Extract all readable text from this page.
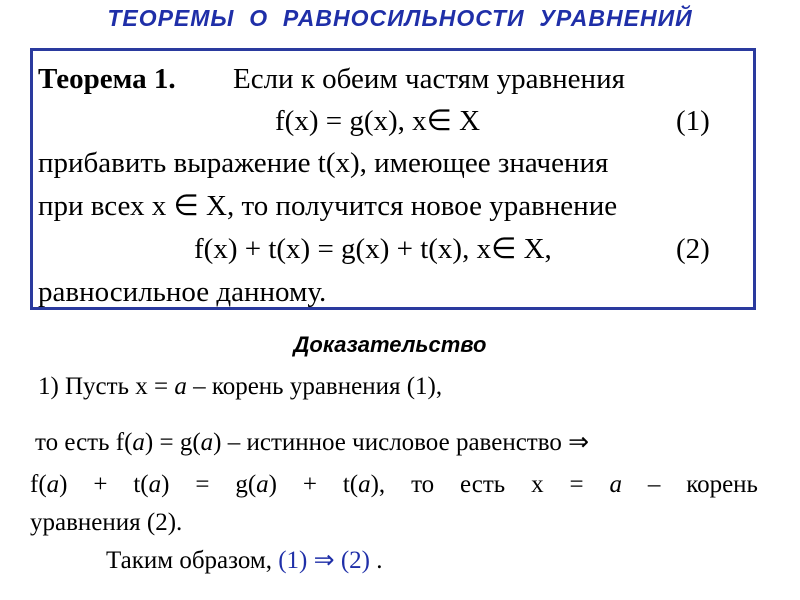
ТЕОРЕМЫ  О  РАВНОСИЛЬНОСТИ  УРАВНЕНИЙ
Теорема 1. Если к обеим частям уравнения
f(x) = g(x), x∈ X	(1)
прибавить выражение t(x), имеющее значения
при всех x ∈ X, то получится новое уравнение
f(x) + t(x) = g(x) + t(x), x∈ X,	(2)
равносильное данному.
Доказательство
1) Пусть x = a – корень уравнения (1),
то есть f(a) = g(a) – истинное числовое равенство ⇒
f(a) + t(a) = g(a) + t(a), то есть x = a – корень
уравнения (2).
Таким образом, (1) ⇒ (2) .
